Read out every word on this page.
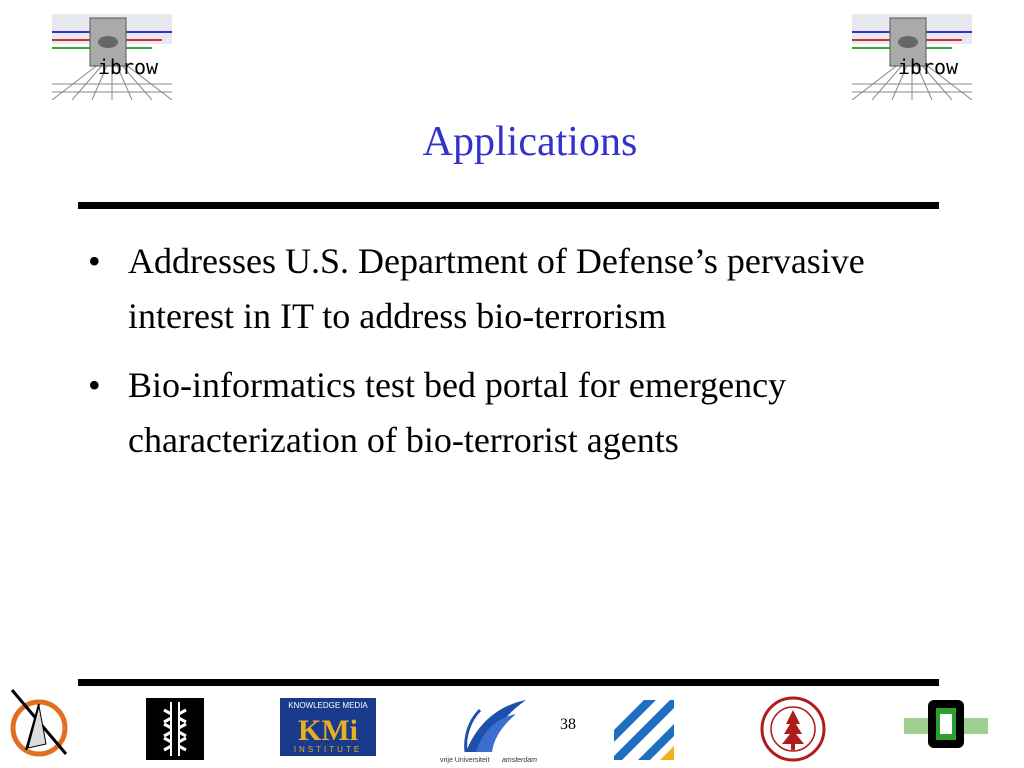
ibrow	ibrow
Applications
• Addresses U.S. Department of Defense’s pervasive interest in IT to address bio-terrorism
• Bio-informatics test bed portal for emergency characterization of bio-terrorist agents
KNOWLEDGE MEDIA
KMi
INSTITUTE
vrije Universiteit amsterdam
38
